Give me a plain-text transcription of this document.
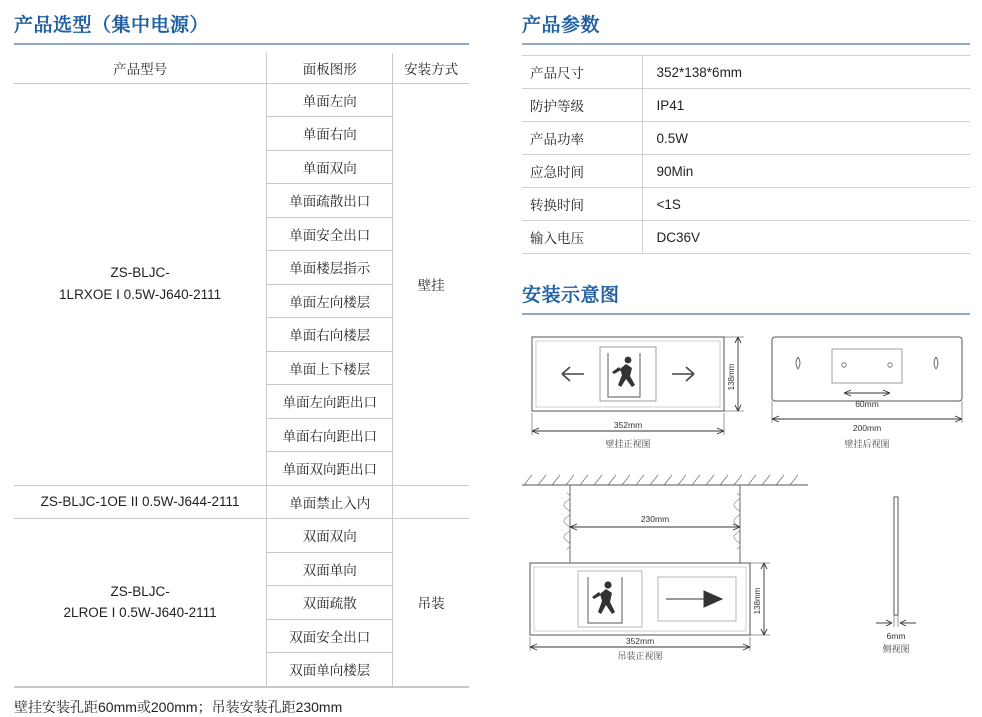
产品选型（集中电源）
产品型号	面板图形	安装方式
ZS-BLJC-
1LRXOE I 0.5W-J640-2111	单面左向	壁挂
	单面右向	
	单面双向	
	单面疏散出口	
	单面安全出口	
	单面楼层指示	
	单面左向楼层	
	单面右向楼层	
	单面上下楼层	
	单面左向距出口	
	单面右向距出口	
	单面双向距出口	
ZS-BLJC-1OE II 0.5W-J644-2111	单面禁止入内	
ZS-BLJC-
2LROE I 0.5W-J640-2111	双面双向	吊装
	双面单向	
	双面疏散	
	双面安全出口	
	双面单向楼层	
壁挂安装孔距60mm或200mm；吊装安装孔距230mm
产品参数
产品尺寸	352*138*6mm
防护等级	IP41
产品功率	0.5W
应急时间	90Min
转换时间	<1S
输入电压	DC36V
安装示意图
138mm
352mm
60mm
200mm
壁挂正视图	壁挂后视图
230mm
138mm
352mm
吊装正视图
6mm
侧视图
